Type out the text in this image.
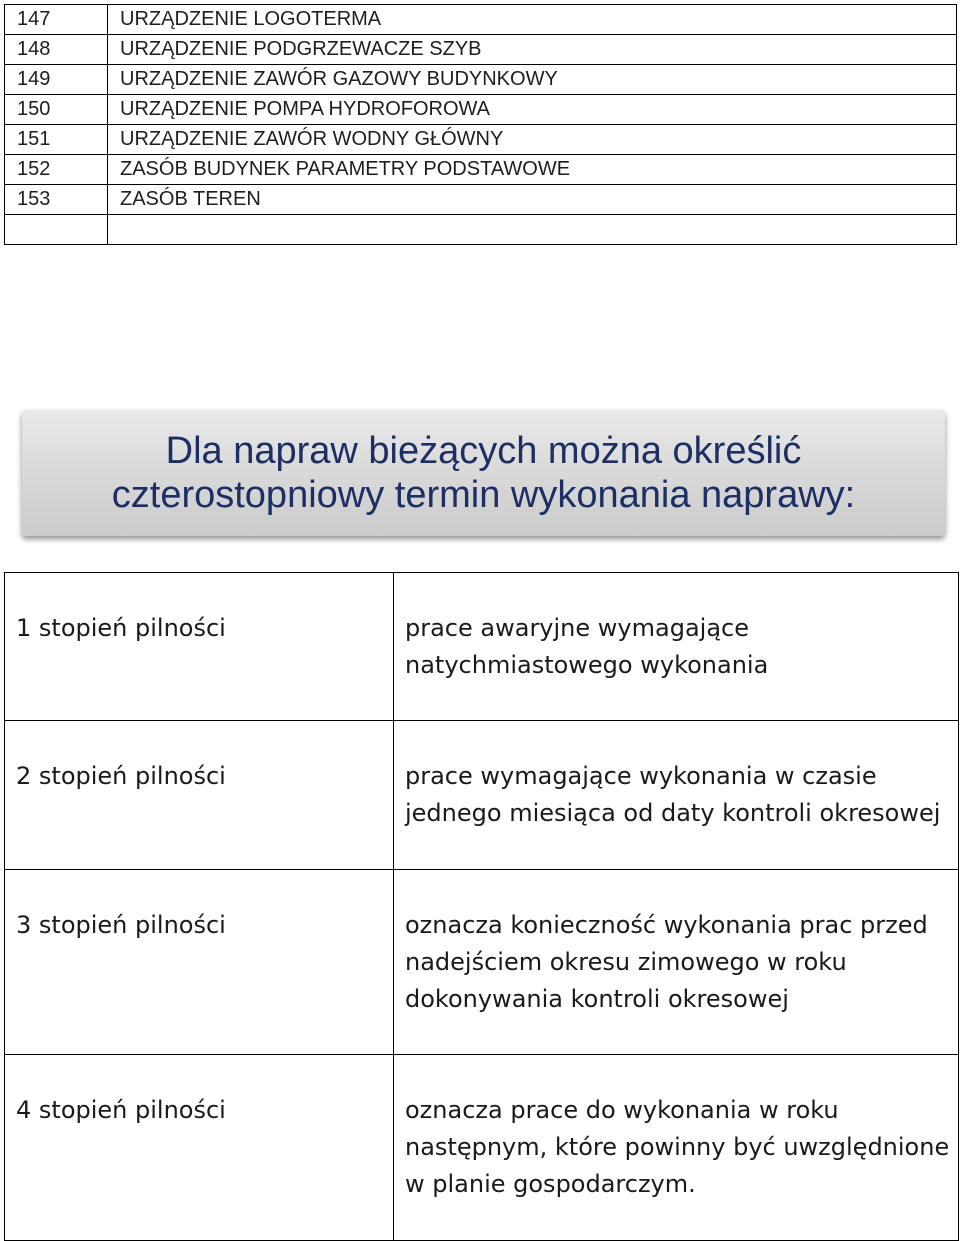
147	URZĄDZENIE LOGOTERMA
148	URZĄDZENIE PODGRZEWACZE SZYB
149	URZĄDZENIE ZAWÓR GAZOWY BUDYNKOWY
150	URZĄDZENIE POMPA HYDROFOROWA
151	URZĄDZENIE ZAWÓR WODNY GŁÓWNY
152	ZASÓB BUDYNEK PARAMETRY PODSTAWOWE
153	ZASÓB TEREN

Dla napraw bieżących można określić
czterostopniowy termin wykonania naprawy:
1 stopień pilności	prace awaryjne wymagające natychmiastowego wykonania

2 stopień pilności	prace wymagające wykonania w czasie jednego miesiąca od daty kontroli okresowej

3 stopień pilności	oznacza konieczność wykonania prac przed nadejściem okresu zimowego w roku dokonywania kontroli okresowej

4 stopień pilności	oznacza prace do wykonania w roku następnym, które powinny być uwzględnione w planie gospodarczym.
